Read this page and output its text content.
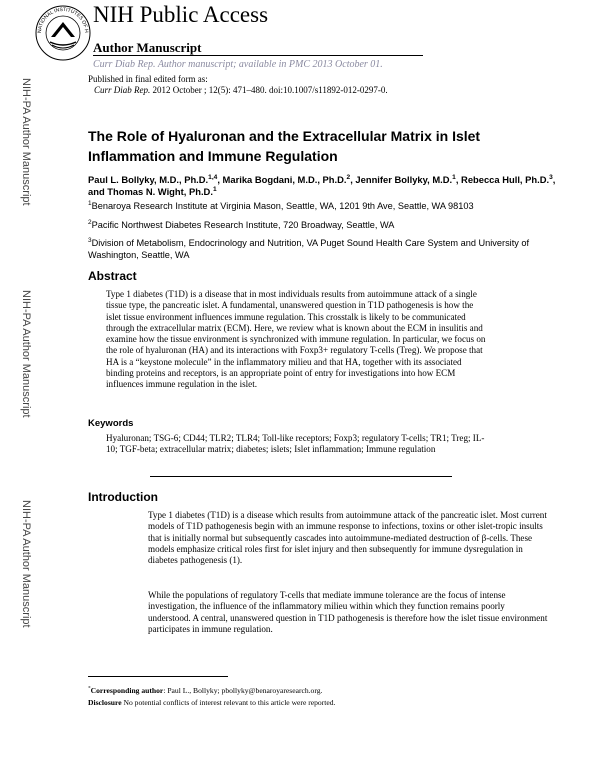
NATIONAL INSTITUTES OF H
NIH Public Access
Author Manuscript
Curr Diab Rep. Author manuscript; available in PMC 2013 October 01.
Published in final edited form as:
Curr Diab Rep. 2012 October ; 12(5): 471–480. doi:10.1007/s11892-012-0297-0.
NIH-PA Author Manuscript
NIH-PA Author Manuscript
NIH-PA Author Manuscript
The Role of Hyaluronan and the Extracellular Matrix in Islet Inflammation and Immune Regulation
Paul L. Bollyky, M.D., Ph.D.$^{1,4}$, Marika Bogdani, M.D., Ph.D.$^2$, Jennifer Bollyky, M.D.$^1$, Rebecca Hull, Ph.D.$^3$, and Thomas N. Wight, Ph.D.$^1$
$^1$Benaroya Research Institute at Virginia Mason, Seattle, WA, 1201 9th Ave, Seattle, WA 98103
$^2$Pacific Northwest Diabetes Research Institute, 720 Broadway, Seattle, WA
$^3$Division of Metabolism, Endocrinology and Nutrition, VA Puget Sound Health Care System and University of Washington, Seattle, WA
Abstract
Type 1 diabetes (T1D) is a disease that in most individuals results from autoimmune attack of a single tissue type, the pancreatic islet. A fundamental, unanswered question in T1D pathogenesis is how the islet tissue environment influences immune regulation. This crosstalk is likely to be communicated through the extracellular matrix (ECM). Here, we review what is known about the ECM in insulitis and examine how the tissue environment is synchronized with immune regulation. In particular, we focus on the role of hyaluronan (HA) and its interactions with Foxp3+ regulatory T-cells (Treg). We propose that HA is a “keystone molecule” in the inflammatory milieu and that HA, together with its associated binding proteins and receptors, is an appropriate point of entry for investigations into how ECM influences immune regulation in the islet.
Keywords
Hyaluronan; TSG-6; CD44; TLR2; TLR4; Toll-like receptors; Foxp3; regulatory T-cells; TR1; Treg; IL-10; TGF-beta; extracellular matrix; diabetes; islets; Islet inflammation; Immune regulation
Introduction
Type 1 diabetes (T1D) is a disease which results from autoimmune attack of the pancreatic islet. Most current models of T1D pathogenesis begin with an immune response to infections, toxins or other islet-tropic insults that is initially normal but subsequently cascades into autoimmune-mediated destruction of β-cells. These models emphasize critical roles first for islet injury and then subsequently for immune dysregulation in diabetes pathogenesis (1).
While the populations of regulatory T-cells that mediate immune tolerance are the focus of intense investigation, the influence of the inflammatory milieu within which they function remains poorly understood. A central, unanswered question in T1D pathogenesis is therefore how the islet tissue environment participates in immune regulation.
*Corresponding author: Paul L., Bollyky; pbollyky@benaroyaresearch.org.
Disclosure No potential conflicts of interest relevant to this article were reported.
